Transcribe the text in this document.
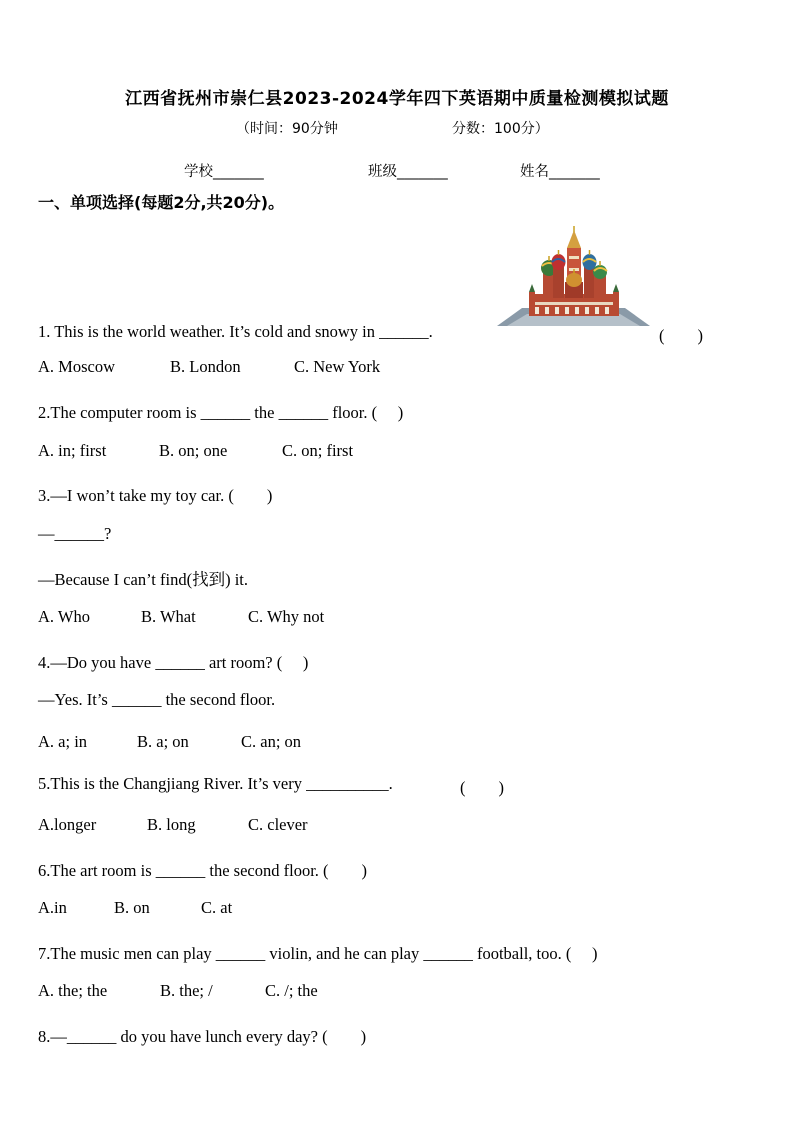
江西省抚州市崇仁县2023-2024学年四下英语期中质量检测模拟试题
（时间：90分钟	分数：100分）
学校_______	班级_______	姓名_______
一、单项选择(每题2分,共20分)。
1. This is the world weather. It’s cold and snowy in ______.	(　　)
A. Moscow	B. London	C. New York
2.The computer room is ______ the ______ floor. (　 )
A. in; first	B. on; one	C. on; first
3.—I won’t take my toy car. (　　)
—______?
—Because I can’t find(找到) it.
A. Who	B. What	C. Why not
4.—Do you have ______ art room? (　 )
—Yes. It’s ______ the second floor.
A. a; in	B. a; on	C. an; on
5.This is the Changjiang River. It’s very __________.	(　　)
A.longer	B. long	C. clever
6.The art room is ______ the second floor. (　　)
A.in	B. on	C. at
7.The music men can play ______ violin, and he can play ______ football, too. (　 )
A. the; the	B. the; /	C. /; the
8.—______ do you have lunch every day? (　　)
